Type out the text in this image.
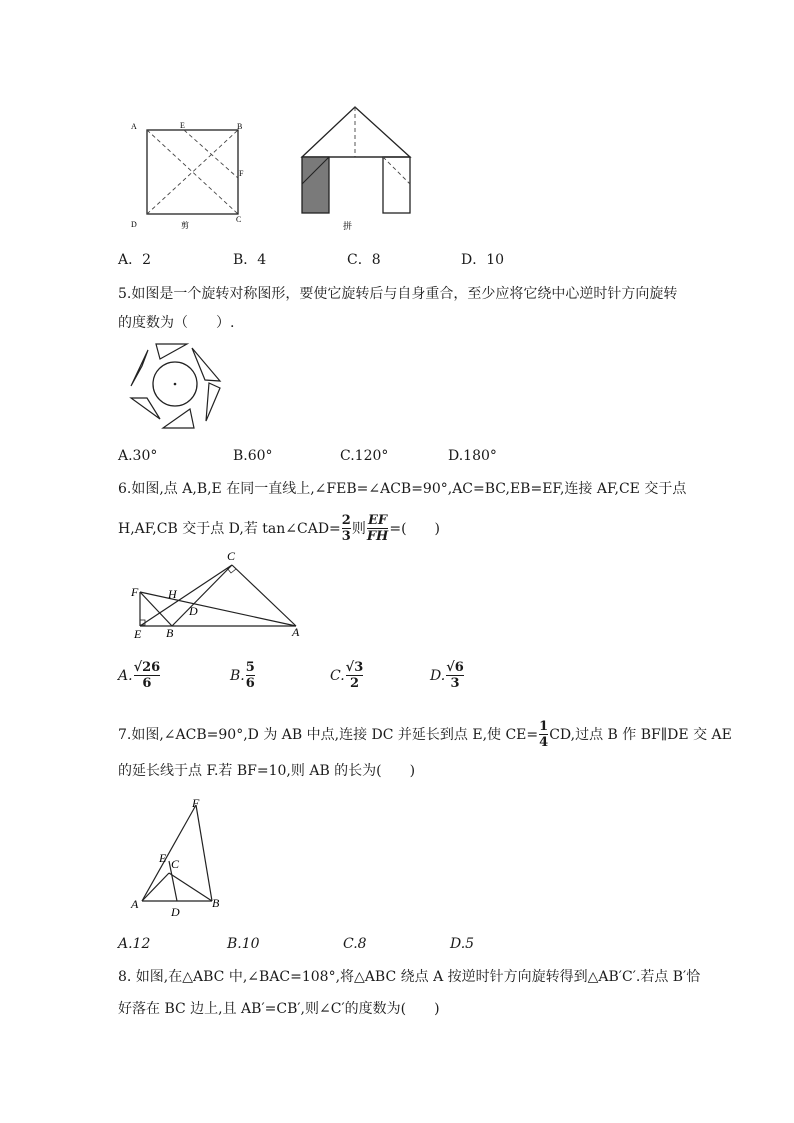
A	E	B
F
C
D	剪	拼
A．2	B．4	C．8	D．10
5.如图是一个旋转对称图形，要使它旋转后与自身重合，至少应将它绕中心逆时针方向旋转
的度数为（　　）.
A.30°	B.60°	C.120°	D.180°
6.如图,点 A,B,E 在同一直线上,∠FEB=∠ACB=90°,AC=BC,EB=EF,连接 AF,CE 交于点
H,AF,CB 交于点 D,若 tan∠CAD= $\frac{2}{3}$ 则 $\frac{EF}{FH}$ =(　　)
C
F H
D
E B	A
A. $\frac{√26}{6}$	B. $\frac{5}{6}$	C. $\frac{√3}{2}$	D. $\frac{√6}{3}$
7.如图,∠ACB=90°,D 为 AB 中点,连接 DC 并延长到点 E,使 $CE= \frac{1}{4}$ CD,过点 B 作 BF∥DE 交 AE
的延长线于点 F.若 BF=10,则 AB 的长为(　　)
F
E C
A
D
B
A.12	B.10	C.8	D.5
8. 如图,在△ABC 中,∠BAC=108°,将△ABC 绕点 A 按逆时针方向旋转得到△AB′C′.若点 B′恰
好落在 BC 边上,且 AB′=CB′,则∠C′的度数为(　　)
